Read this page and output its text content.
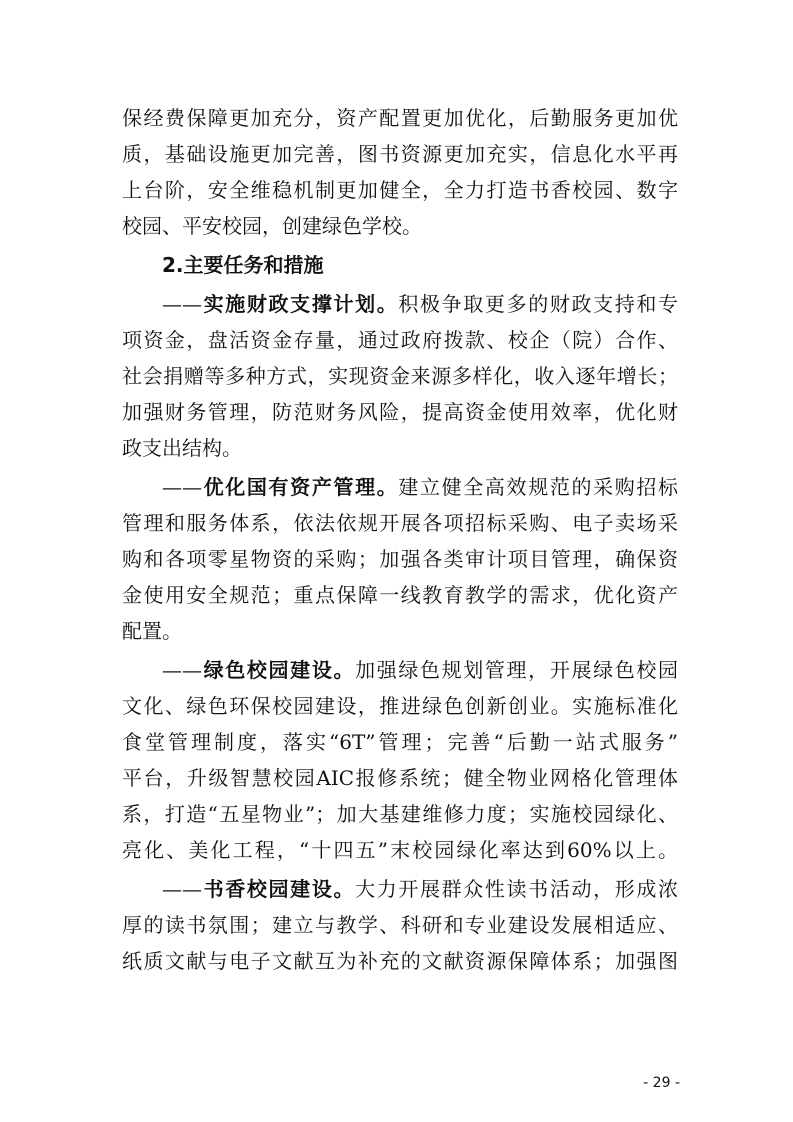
保经费保障更加充分，资产配置更加优化，后勤服务更加优
质，基础设施更加完善，图书资源更加充实，信息化水平再
上台阶，安全维稳机制更加健全，全力打造书香校园、数字
校园、平安校园，创建绿色学校。
2.主要任务和措施
——实施财政支撑计划。积极争取更多的财政支持和专
项资金，盘活资金存量，通过政府拨款、校企（院）合作、
社会捐赠等多种方式，实现资金来源多样化，收入逐年增长；
加强财务管理，防范财务风险，提高资金使用效率，优化财
政支出结构。
——优化国有资产管理。建立健全高效规范的采购招标
管理和服务体系，依法依规开展各项招标采购、电子卖场采
购和各项零星物资的采购；加强各类审计项目管理，确保资
金使用安全规范；重点保障一线教育教学的需求，优化资产
配置。
——绿色校园建设。加强绿色规划管理，开展绿色校园
文化、绿色环保校园建设，推进绿色创新创业。实施标准化
食堂管理制度，落实“6T”管理；完善“后勤一站式服务”
平台，升级智慧校园AIC报修系统；健全物业网格化管理体
系，打造“五星物业”；加大基建维修力度；实施校园绿化、
亮化、美化工程，“十四五”末校园绿化率达到60%以上。
——书香校园建设。大力开展群众性读书活动，形成浓
厚的读书氛围；建立与教学、科研和专业建设发展相适应、
纸质文献与电子文献互为补充的文献资源保障体系；加强图
- 29 -
